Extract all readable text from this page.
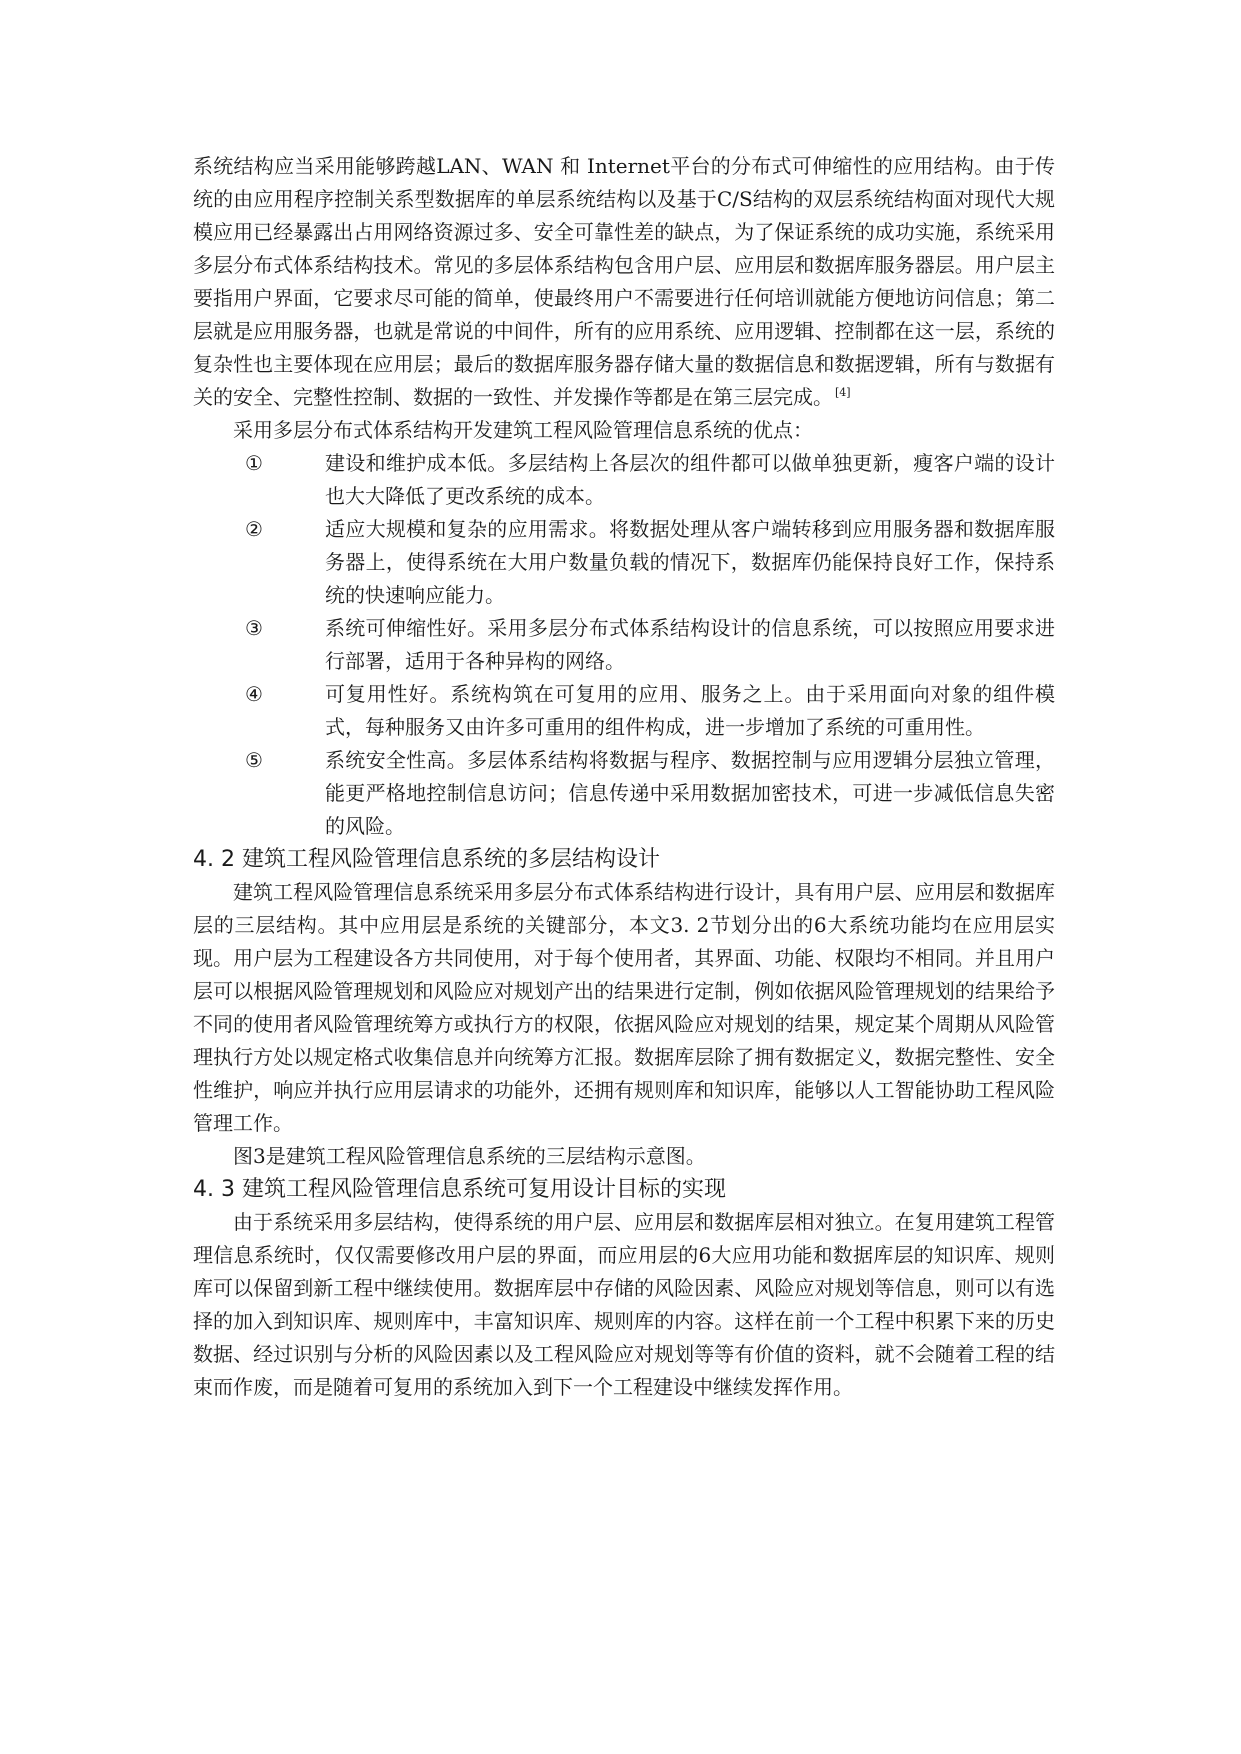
系统结构应当采用能够跨越LAN、WAN 和 Internet平台的分布式可伸缩性的应用结构。由于传统的由应用程序控制关系型数据库的单层系统结构以及基于C/S结构的双层系统结构面对现代大规模应用已经暴露出占用网络资源过多、安全可靠性差的缺点，为了保证系统的成功实施，系统采用多层分布式体系结构技术。常见的多层体系结构包含用户层、应用层和数据库服务器层。用户层主要指用户界面，它要求尽可能的简单，使最终用户不需要进行任何培训就能方便地访问信息；第二层就是应用服务器，也就是常说的中间件，所有的应用系统、应用逻辑、控制都在这一层，系统的复杂性也主要体现在应用层；最后的数据库服务器存储大量的数据信息和数据逻辑，所有与数据有关的安全、完整性控制、数据的一致性、并发操作等都是在第三层完成。 [4]

采用多层分布式体系结构开发建筑工程风险管理信息系统的优点：

①	建设和维护成本低。多层结构上各层次的组件都可以做单独更新，瘦客户端的设计也大大降低了更改系统的成本。
②	适应大规模和复杂的应用需求。将数据处理从客户端转移到应用服务器和数据库服务器上，使得系统在大用户数量负载的情况下，数据库仍能保持良好工作，保持系统的快速响应能力。
③	系统可伸缩性好。采用多层分布式体系结构设计的信息系统，可以按照应用要求进行部署，适用于各种异构的网络。
④	可复用性好。系统构筑在可复用的应用、服务之上。由于采用面向对象的组件模式，每种服务又由许多可重用的组件构成，进一步增加了系统的可重用性。
⑤	系统安全性高。多层体系结构将数据与程序、数据控制与应用逻辑分层独立管理，能更严格地控制信息访问；信息传递中采用数据加密技术，可进一步减低信息失密的风险。
4. 2 建筑工程风险管理信息系统的多层结构设计

建筑工程风险管理信息系统采用多层分布式体系结构进行设计，具有用户层、应用层和数据库层的三层结构。其中应用层是系统的关键部分，本文3. 2节划分出的6大系统功能均在应用层实现。用户层为工程建设各方共同使用，对于每个使用者，其界面、功能、权限均不相同。并且用户层可以根据风险管理规划和风险应对规划产出的结果进行定制，例如依据风险管理规划的结果给予不同的使用者风险管理统筹方或执行方的权限，依据风险应对规划的结果，规定某个周期从风险管理执行方处以规定格式收集信息并向统筹方汇报。数据库层除了拥有数据定义，数据完整性、安全性维护，响应并执行应用层请求的功能外，还拥有规则库和知识库，能够以人工智能协助工程风险管理工作。

图3是建筑工程风险管理信息系统的三层结构示意图。

4. 3 建筑工程风险管理信息系统可复用设计目标的实现

由于系统采用多层结构，使得系统的用户层、应用层和数据库层相对独立。在复用建筑工程管理信息系统时，仅仅需要修改用户层的界面，而应用层的6大应用功能和数据库层的知识库、规则库可以保留到新工程中继续使用。数据库层中存储的风险因素、风险应对规划等信息，则可以有选择的加入到知识库、规则库中，丰富知识库、规则库的内容。这样在前一个工程中积累下来的历史数据、经过识别与分析的风险因素以及工程风险应对规划等等有价值的资料，就不会随着工程的结束而作废，而是随着可复用的系统加入到下一个工程建设中继续发挥作用。
